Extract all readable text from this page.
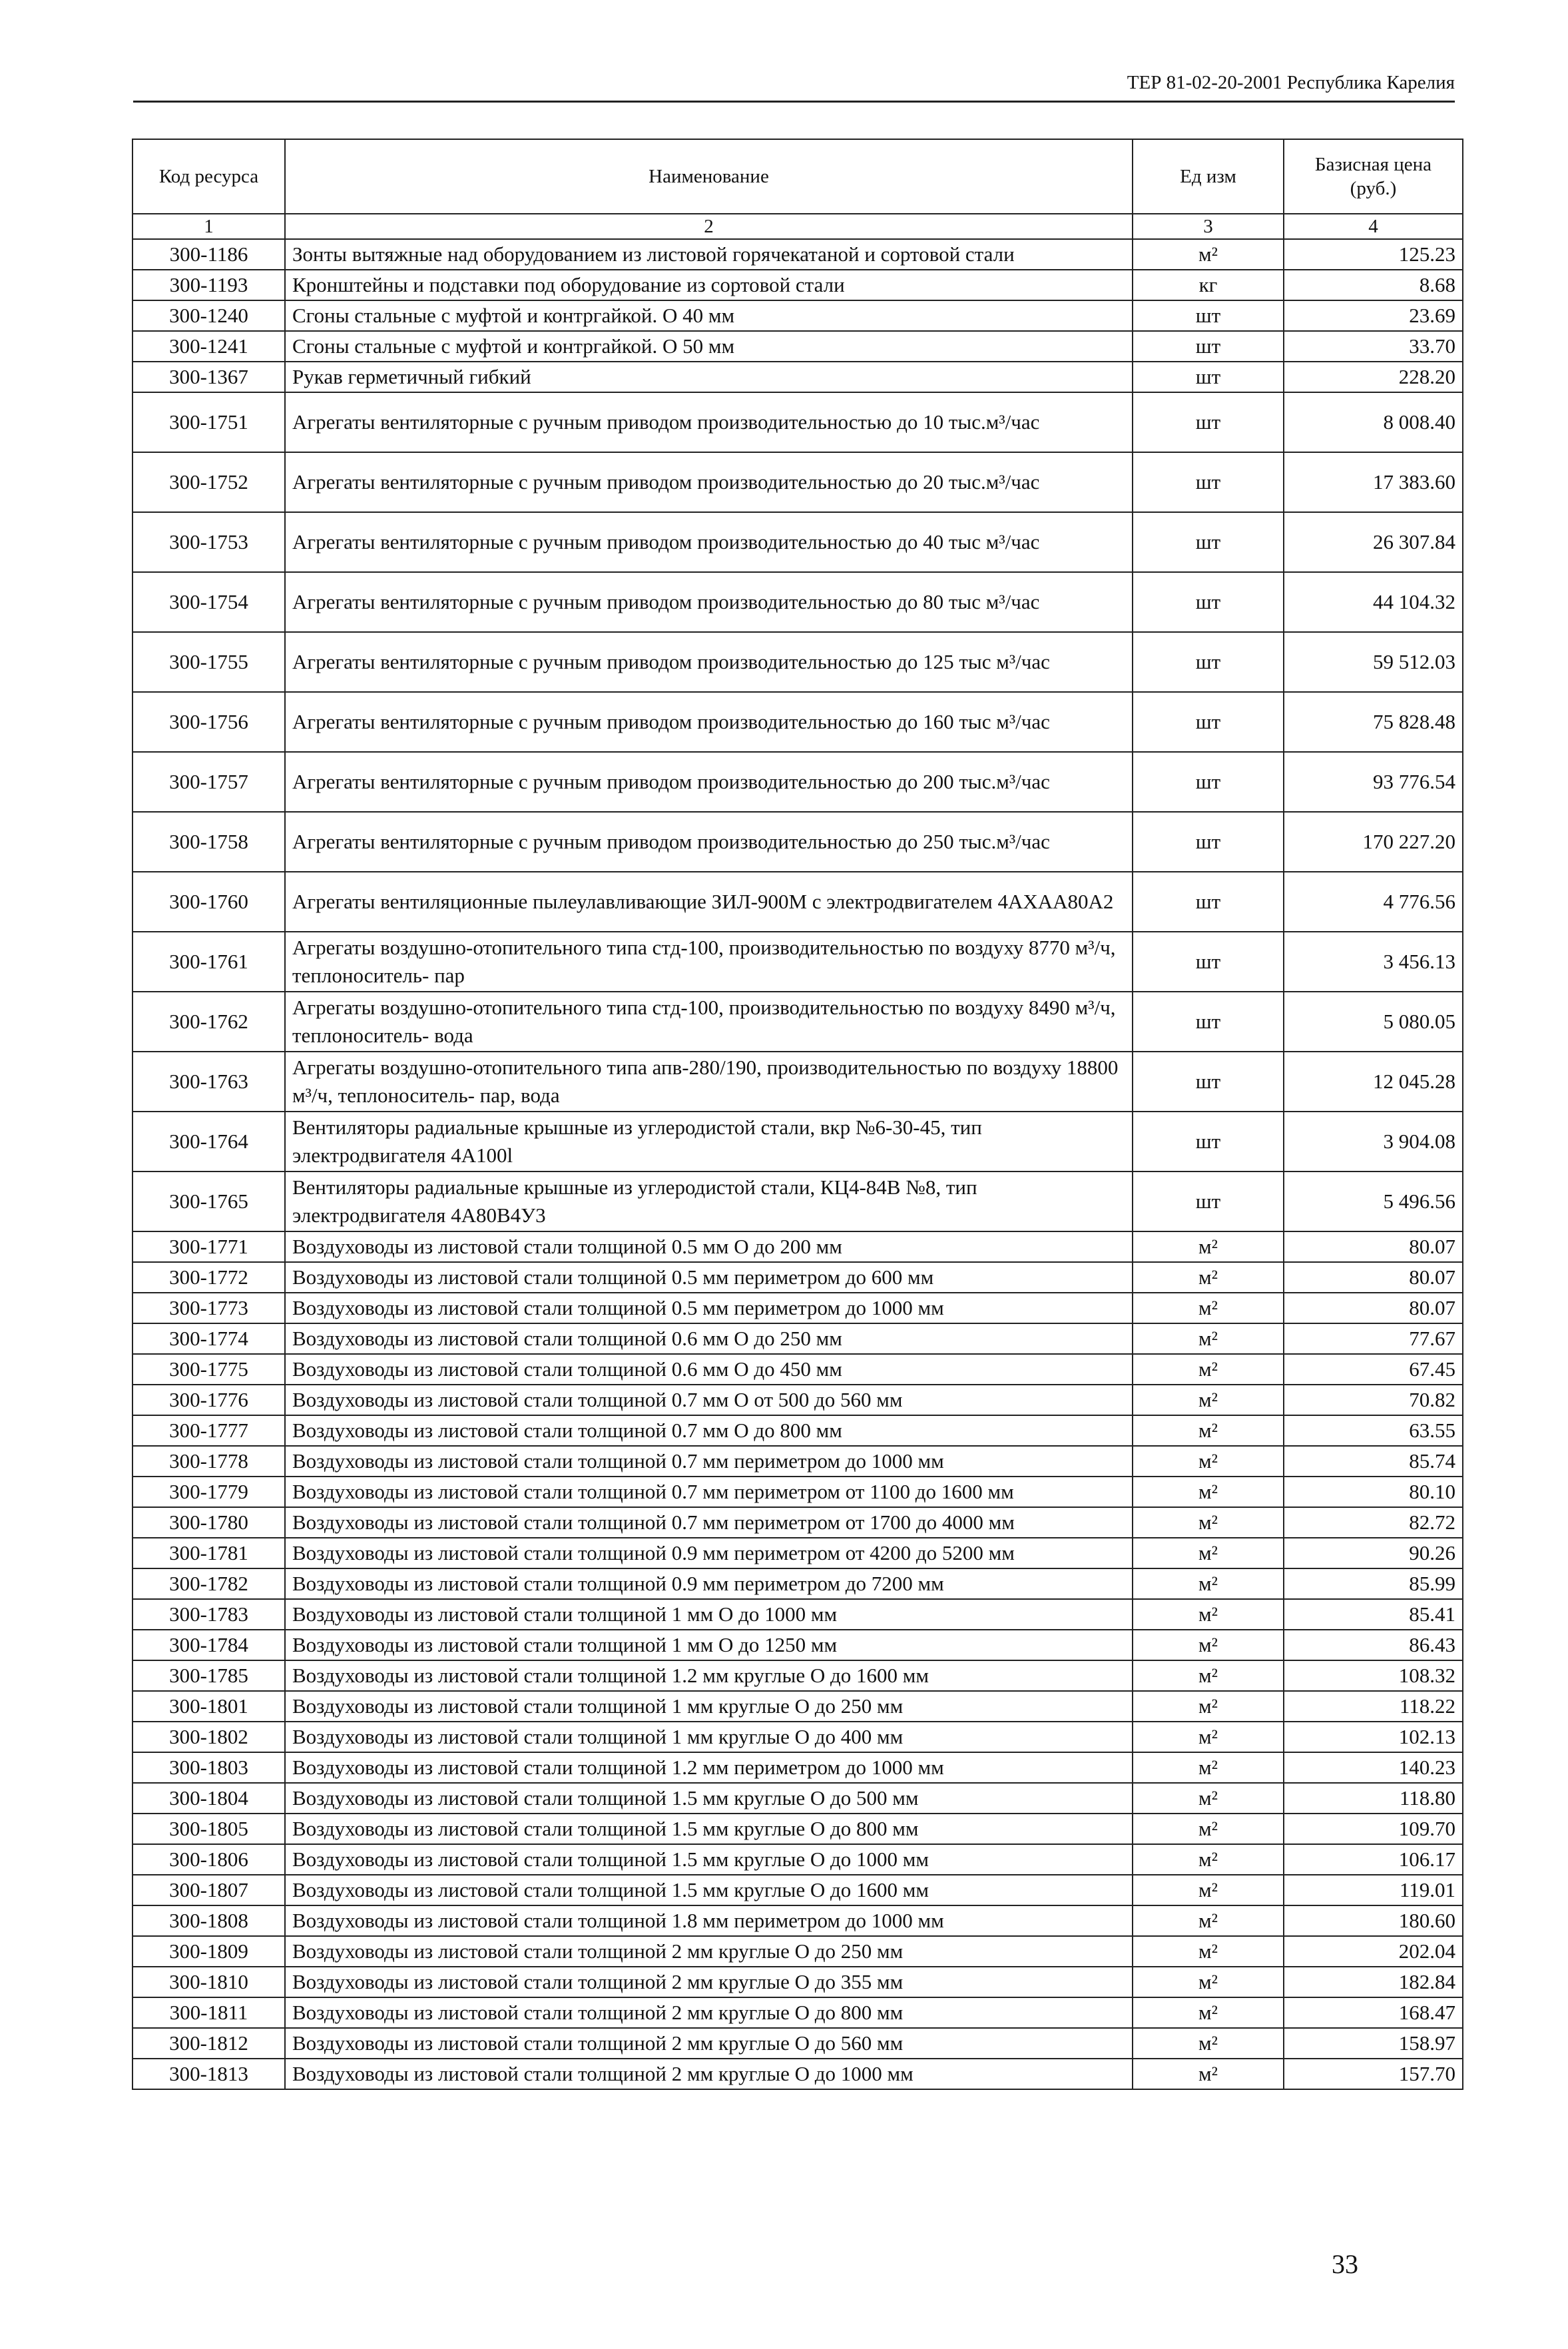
ТЕР 81-02-20-2001 Республика Карелия
Код ресурса	Наименование	Ед изм	Базисная цена (руб.)
1	2	3	4
300-1186	Зонты вытяжные над оборудованием из листовой горячекатаной и сортовой стали	м²	125.23
300-1193	Кронштейны и подставки под оборудование из сортовой стали	кг	8.68
300-1240	Сгоны стальные с муфтой и контргайкой. О 40 мм	шт	23.69
300-1241	Сгоны стальные с муфтой и контргайкой. О 50 мм	шт	33.70
300-1367	Рукав герметичный гибкий	шт	228.20
300-1751	Агрегаты вентиляторные с ручным приводом производительностью до 10 тыс.м³/час	шт	8 008.40
300-1752	Агрегаты вентиляторные с ручным приводом производительностью до 20 тыс.м³/час	шт	17 383.60
300-1753	Агрегаты вентиляторные с ручным приводом производительностью до 40 тыс м³/час	шт	26 307.84
300-1754	Агрегаты вентиляторные с ручным приводом производительностью до 80 тыс м³/час	шт	44 104.32
300-1755	Агрегаты вентиляторные с ручным приводом производительностью до 125 тыс м³/час	шт	59 512.03
300-1756	Агрегаты вентиляторные с ручным приводом производительностью до 160 тыс м³/час	шт	75 828.48
300-1757	Агрегаты вентиляторные с ручным приводом производительностью до 200 тыс.м³/час	шт	93 776.54
300-1758	Агрегаты вентиляторные с ручным приводом производительностью до 250 тыс.м³/час	шт	170 227.20
300-1760	Агрегаты вентиляционные пылеулавливающие ЗИЛ-900М с электродвигателем 4АХАА80А2	шт	4 776.56
300-1761	Агрегаты воздушно-отопительного типа стд-100, производительностью по воздуху 8770 м³/ч, теплоноситель- пар	шт	3 456.13
300-1762	Агрегаты воздушно-отопительного типа стд-100, производительностью по воздуху 8490 м³/ч, теплоноситель- вода	шт	5 080.05
300-1763	Агрегаты воздушно-отопительного типа апв-280/190, производительностью по воздуху 18800 м³/ч, теплоноситель- пар, вода	шт	12 045.28
300-1764	Вентиляторы радиальные крышные из углеродистой стали, вкр №6-30-45, тип электродвигателя 4А100l	шт	3 904.08
300-1765	Вентиляторы радиальные крышные из углеродистой стали, КЦ4-84В №8, тип электродвигателя 4А80В4У3	шт	5 496.56
300-1771	Воздуховоды из листовой стали толщиной 0.5 мм О до 200 мм	м²	80.07
300-1772	Воздуховоды из листовой стали толщиной 0.5 мм периметром до 600 мм	м²	80.07
300-1773	Воздуховоды из листовой стали толщиной 0.5 мм периметром до 1000 мм	м²	80.07
300-1774	Воздуховоды из листовой стали толщиной 0.6 мм О до 250 мм	м²	77.67
300-1775	Воздуховоды из листовой стали толщиной 0.6 мм О до 450 мм	м²	67.45
300-1776	Воздуховоды из листовой стали толщиной 0.7 мм О от 500 до 560 мм	м²	70.82
300-1777	Воздуховоды из листовой стали толщиной 0.7 мм О до 800 мм	м²	63.55
300-1778	Воздуховоды из листовой стали толщиной 0.7 мм периметром до 1000 мм	м²	85.74
300-1779	Воздуховоды из листовой стали толщиной 0.7 мм периметром от 1100 до 1600 мм	м²	80.10
300-1780	Воздуховоды из листовой стали толщиной 0.7 мм периметром от 1700 до 4000 мм	м²	82.72
300-1781	Воздуховоды из листовой стали толщиной 0.9 мм периметром от 4200 до 5200 мм	м²	90.26
300-1782	Воздуховоды из листовой стали толщиной 0.9 мм периметром до 7200 мм	м²	85.99
300-1783	Воздуховоды из листовой стали толщиной 1 мм О до 1000 мм	м²	85.41
300-1784	Воздуховоды из листовой стали толщиной 1 мм О до 1250 мм	м²	86.43
300-1785	Воздуховоды из листовой стали толщиной 1.2 мм круглые О до 1600 мм	м²	108.32
300-1801	Воздуховоды из листовой стали толщиной 1 мм круглые О до 250 мм	м²	118.22
300-1802	Воздуховоды из листовой стали толщиной 1 мм круглые О до 400 мм	м²	102.13
300-1803	Воздуховоды из листовой стали толщиной 1.2 мм периметром до 1000 мм	м²	140.23
300-1804	Воздуховоды из листовой стали толщиной 1.5 мм круглые О до 500 мм	м²	118.80
300-1805	Воздуховоды из листовой стали толщиной 1.5 мм круглые О до 800 мм	м²	109.70
300-1806	Воздуховоды из листовой стали толщиной 1.5 мм круглые О до 1000 мм	м²	106.17
300-1807	Воздуховоды из листовой стали толщиной 1.5 мм круглые О до 1600 мм	м²	119.01
300-1808	Воздуховоды из листовой стали толщиной 1.8 мм периметром до 1000 мм	м²	180.60
300-1809	Воздуховоды из листовой стали толщиной 2 мм круглые О до 250 мм	м²	202.04
300-1810	Воздуховоды из листовой стали толщиной 2 мм круглые О до 355 мм	м²	182.84
300-1811	Воздуховоды из листовой стали толщиной 2 мм круглые О до 800 мм	м²	168.47
300-1812	Воздуховоды из листовой стали толщиной 2 мм круглые О до 560 мм	м²	158.97
300-1813	Воздуховоды из листовой стали толщиной 2 мм круглые О до 1000 мм	м²	157.70
33
